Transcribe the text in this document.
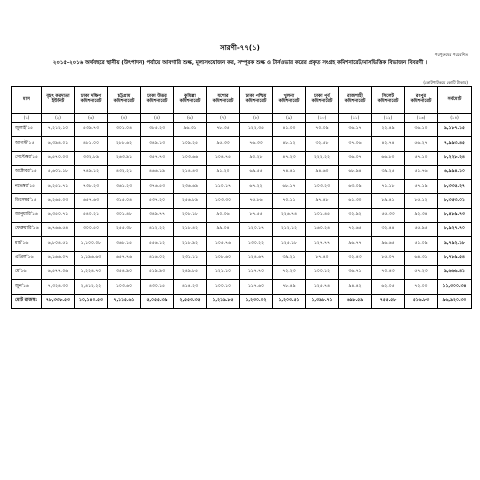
সারণী-৭৭(১)
পরপুরুষের পরবেশিত
২০১৫-২০১৬ অর্থবছরে স্থানীয় (উৎপাদন) পর্যায়ে আবগারি শুল্ক, মূল্যসংযোজন কর, সম্পূরক শুল্ক ও টার্নওভার করের প্রকৃত সংগ্রহ কমিশনারেট/মাসভিত্তিক বিভাজন বিবরণী ।
(কোটপাটকমে কোটি টাকায়)
মাস	বৃহৎ করদাতা ইউনিট	ঢাকা দক্ষিণ কমিশনারেট	চট্টগ্রাম কমিশনারেট	ঢাকা উত্তর কমিশনারেট	কুমিল্লা কমিশনারেট	যশোর কমিশনারেট	ঢাকা পশ্চিম কমিশনারেট	খুলনা কমিশনারেট	ঢাকা পূর্ব কমিশনারেট	রাজশাহী কমিশনারেট	সিলেট কমিশনারেট	রংপুর কমিশনারেট	সর্বমোট
(১)	(২)	(৩)	(৪)	(৫)	(৬)	(৭)	(৮)	(৯)	(১০)	(১১)	(১২)	(১৩)	(১৪)
জুলাই'১৫	৭,২১২.১০	৫৩৯.৭৩	৩০১.০৪	৩৮৫.২৩	৯৬.৩১	৭৮.৩৫	১২২.৩৫	৪১.০০	৭০.০৯	৩৬.১৭	২২.৪৯	৩৬.১০	৯,১৮৭.১৫
আগস্ট'১৫	৬,৩৯৪.০১	৪৮১.০০	২৮৮.৬২	৩৪৯.১৩	১০৯.২৫	৯৫.৩৩	৭৬.৩৩	৪৮.১২	৩২.৫৮	৩৭.০৬	৪২.৭৪	৫৬.২৭	৭,৯৯৩.৪৫
সেপ্টেম্বর'১৫	৬,৫৭০.০৩	৩৩২.৮৯	২৬৩.৯১	৩৫৭.৭৩	১০৩.৬৬	১০৪.৭৫	৯০.২৮	৪৭.২৩	২২২.২২	৩৬.০৭	৬৬.৮০	৫৭.১০	৮,২২৮.২৪
অক্টোবর'১৫	৫,৬০১.১৮	৭৪৯.১২	৪৩২.২১	৪৬৬.১৯	২১৪.৪৩	৯১.২০	৬৯.৫৫	৭৪.৪১	৯৪.৬০	৬৮.৯৪	৩৯.২৫	৫১.৭৬	৬,৯৯৪.১০
নভেম্বর'১৫	৬,২৫১.৭১	৭৩৮.২৩	৩৬১.২৩	৩৭৬.৫৩	২৩৬.৬৯	১১০.১৭	৬৭.২২	৬৮.১৭	১০৩.২৩	৬৩.০৯	৭১.১৮	৫৭.১৯	৮,৩৩৫.২৭
ডিসেম্বর'১৫	৬,২৬৫.০৩	৬৫৭.৬৩	৩১৫.০৪	৫৩৭.২০	২৫৬.৮৯	১০৩.৩০	৭৫.৮৬	৭০.১১	৯৭.৪৮	৬১.৩০	৮৯.৪১	৮৫.১২	৮,৩৫৩.০১
জানুয়ারি'১৬	৬,৩৫০.৭১	৫৪০.২১	৩০১.৪৮	৩৪৯.৭৭	২০৮.১৮	৯০.০৬	৮৭.৫৫	২২৬.৭৪	১০১.৪৫	৩২.৯২	৫৫.৩৩	৯২.৩৪	৮,৪৮৯.৭৩
ফেব্রুয়ারি'১৬	৬,৭৬৬.৫৪	৩০০.৫০	২৫৫.৩৮	৪১২.২২	২১৮.৪২	৯৯.০৪	১২০.১৭	২১২.১২	১৬০.২৪	৭২.৬৫	৩২.৪৪	৫৫.৯৫	৮,৯২৭.৭০
মার্চ'১৬	৬,৮০৪.৫১	১,১০০.০৮	৩৬৮.১৫	৫৫৬.১২	২১৮.৯২	১০৫.৭৬	১৩০.২২	১২৫.১৮	১২৭.৭৭	৯৬.৭৭	৯৬.৬৫	৫১.০৯	৯,৭৯২.১৮
এপ্রিল'১৬	৬,১৬৬.০৭	১,১৯৬.৬৩	৬৫৭.৭৬	৪১৬.০২	২৩১.১১	১০৮.৬০	১২৪.৬৭	৩৯.২১	৮৭.৪০	৩২.৪৩	৮৫.০৭	৬৪.৩১	৮,৭৮৯.৫৪
মে'১৬	৬,৫৭৭.০৬	১,২২৪.৭০	৩৫৪.৯০	৫১৯.৯৩	২৪৯.৮৫	১২১.১০	১১৭.৭০	৭২.২৩	১০০.১২	৩৬.৭১	৭০.৪৩	৫৭.২৩	৯,৬৬৬.৪১
জুন'১৬	৭,৩২৪.৩০	২,৪১২.২২	১০৩.৬০	৪৩০.১৫	৪১৪.২৩	১০০.১০	১১৭.৬০	৭৮.৪৯	১২৫.৭৪	৯৪.৪২	৬২.০৫	৭২.০০	১১,৩০০.৩৪
মোট রাজস্ব:	৭৮,৩৩৮.৫৩	১০,১৪০.৫৩	৭,১১৫.৬১	৫,০৫৫.৩৯	২,৫৫৩.৩৫	১,২১৯.৮৫	১,২৩০.০২	১,২০৩.৫১	১,৩৯৮.৭১	৬৯৮.৫৯	৭৫৫.৫৮	৫১৬.৮৩	৯৬,৯২০.৩০
